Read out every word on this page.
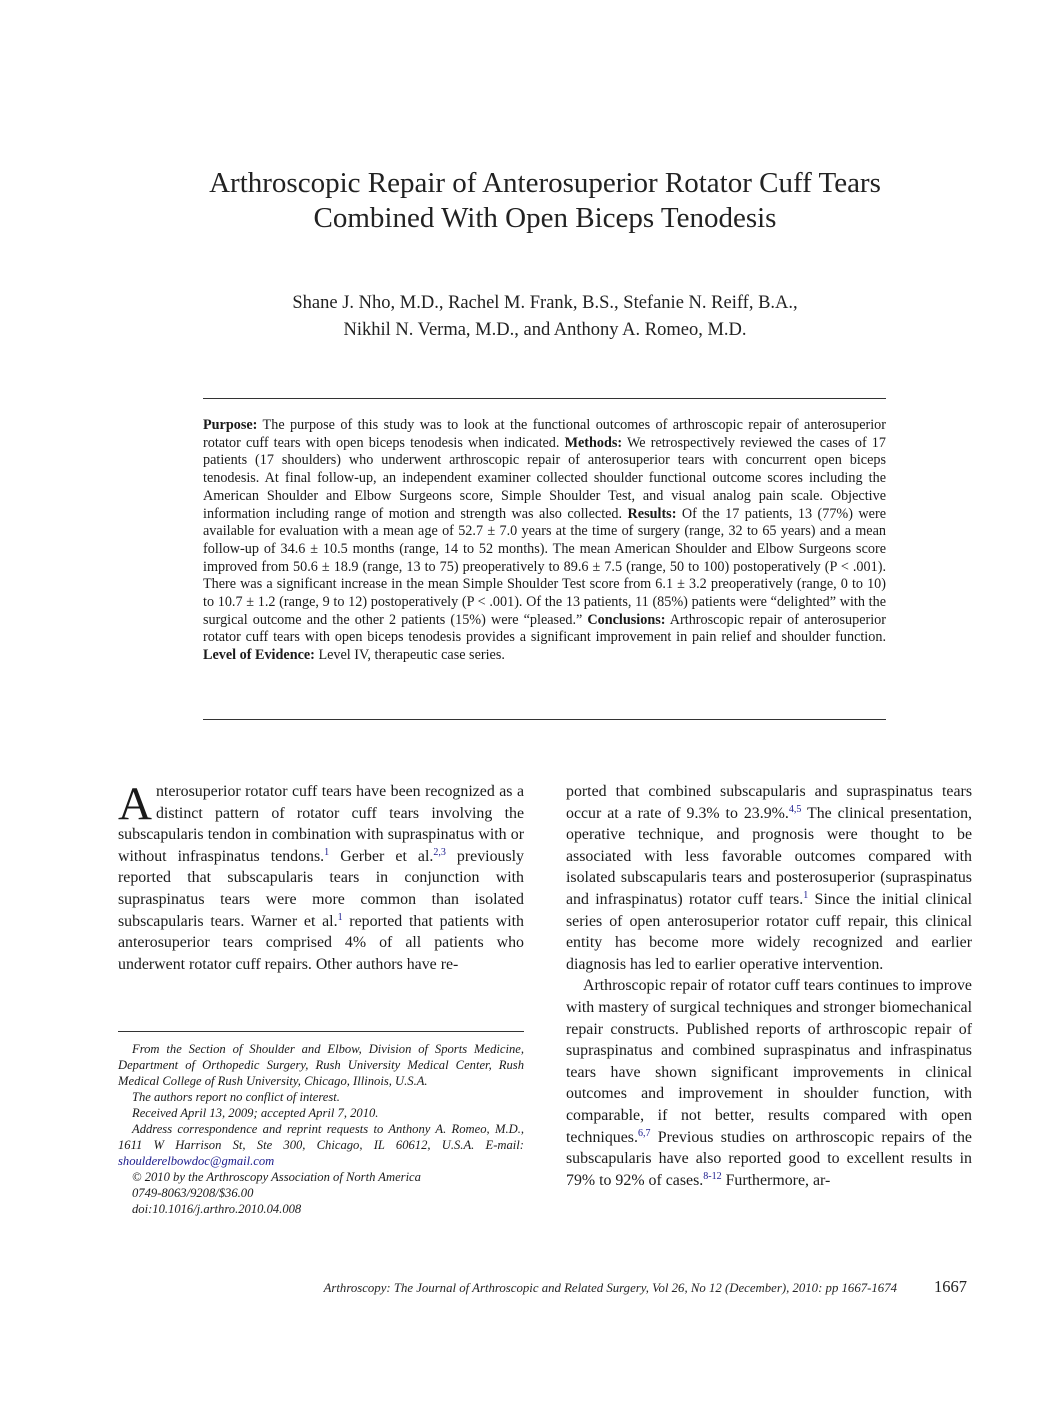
Arthroscopic Repair of Anterosuperior Rotator Cuff Tears
Combined With Open Biceps Tenodesis
Shane J. Nho, M.D., Rachel M. Frank, B.S., Stefanie N. Reiff, B.A.,
Nikhil N. Verma, M.D., and Anthony A. Romeo, M.D.
Purpose: The purpose of this study was to look at the functional outcomes of arthroscopic repair of anterosuperior rotator cuff tears with open biceps tenodesis when indicated. Methods: We retrospectively reviewed the cases of 17 patients (17 shoulders) who underwent arthroscopic repair of anterosuperior tears with concurrent open biceps tenodesis. At final follow-up, an independent examiner collected shoulder functional outcome scores including the American Shoulder and Elbow Surgeons score, Simple Shoulder Test, and visual analog pain scale. Objective information including range of motion and strength was also collected. Results: Of the 17 patients, 13 (77%) were available for evaluation with a mean age of 52.7 ± 7.0 years at the time of surgery (range, 32 to 65 years) and a mean follow-up of 34.6 ± 10.5 months (range, 14 to 52 months). The mean American Shoulder and Elbow Surgeons score improved from 50.6 ± 18.9 (range, 13 to 75) preoperatively to 89.6 ± 7.5 (range, 50 to 100) postoperatively (P < .001). There was a significant increase in the mean Simple Shoulder Test score from 6.1 ± 3.2 preoperatively (range, 0 to 10) to 10.7 ± 1.2 (range, 9 to 12) postoperatively (P < .001). Of the 13 patients, 11 (85%) patients were “delighted” with the surgical outcome and the other 2 patients (15%) were “pleased.” Conclusions: Arthroscopic repair of anterosuperior rotator cuff tears with open biceps tenodesis provides a significant improvement in pain relief and shoulder function. Level of Evidence: Level IV, therapeutic case series.

Anterosuperior rotator cuff tears have been recognized as a distinct pattern of rotator cuff tears involving the subscapularis tendon in combination with supraspinatus with or without infraspinatus tendons.$^1$ Gerber et al.$^{2,3}$ previously reported that subscapularis tears in conjunction with supraspinatus tears were more common than isolated subscapularis tears. Warner et al.$^1$ reported that patients with anterosuperior tears comprised 4% of all patients who underwent rotator cuff repairs. Other authors have re-

From the Section of Shoulder and Elbow, Division of Sports Medicine, Department of Orthopedic Surgery, Rush University Medical Center, Rush Medical College of Rush University, Chicago, Illinois, U.S.A.

The authors report no conflict of interest.

Received April 13, 2009; accepted April 7, 2010.

Address correspondence and reprint requests to Anthony A. Romeo, M.D., 1611 W Harrison St, Ste 300, Chicago, IL 60612, U.S.A. E-mail: shoulderelbowdoc@gmail.com

© 2010 by the Arthroscopy Association of North America

0749-8063/9208/$36.00

doi:10.1016/j.arthro.2010.04.008

ported that combined subscapularis and supraspinatus tears occur at a rate of 9.3% to 23.9%.$^{4,5}$ The clinical presentation, operative technique, and prognosis were thought to be associated with less favorable outcomes compared with isolated subscapularis tears and posterosuperior (supraspinatus and infraspinatus) rotator cuff tears.$^1$ Since the initial clinical series of open anterosuperior rotator cuff repair, this clinical entity has become more widely recognized and earlier diagnosis has led to earlier operative intervention.

Arthroscopic repair of rotator cuff tears continues to improve with mastery of surgical techniques and stronger biomechanical repair constructs. Published reports of arthroscopic repair of supraspinatus and combined supraspinatus and infraspinatus tears have shown significant improvements in clinical outcomes and improvement in shoulder function, with comparable, if not better, results compared with open techniques.$^{6,7}$ Previous studies on arthroscopic repairs of the subscapularis have also reported good to excellent results in 79% to 92% of cases.$^{8-12}$ Furthermore, ar-

Arthroscopy: The Journal of Arthroscopic and Related Surgery, Vol 26, No 12 (December), 2010: pp 1667-1674 1667
